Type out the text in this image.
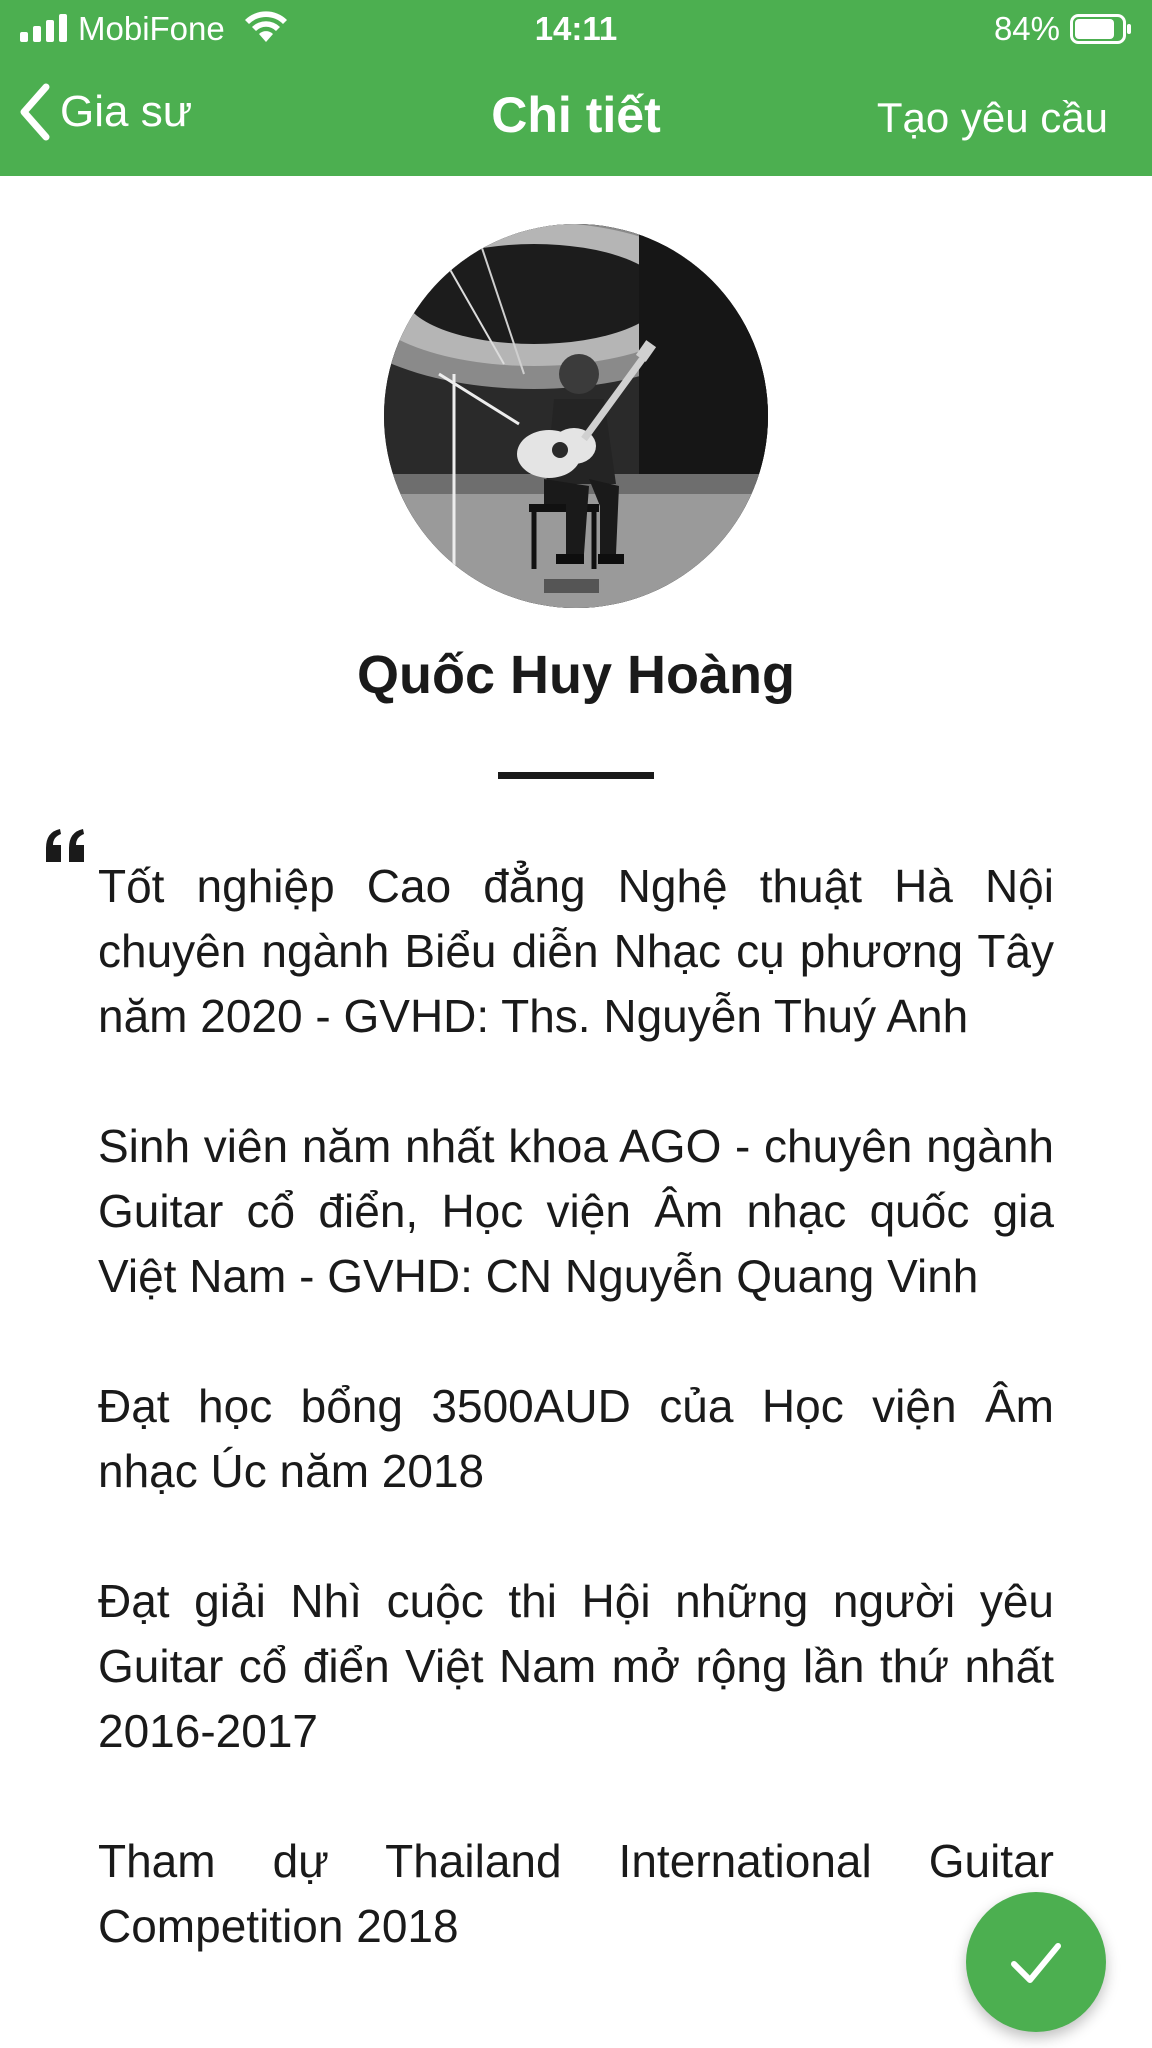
MobiFone	14:11	84%
Gia sư	Chi tiết	Tạo yêu cầu
Quốc Huy Hoàng

Tốt nghiệp Cao đẳng Nghệ thuật Hà Nội chuyên ngành Biểu diễn Nhạc cụ phương Tây năm 2020 - GVHD: Ths. Nguyễn Thuý Anh

Sinh viên năm nhất khoa AGO - chuyên ngành Guitar cổ điển, Học viện Âm nhạc quốc gia Việt Nam - GVHD: CN Nguyễn Quang Vinh

Đạt học bổng 3500AUD của Học viện Âm nhạc Úc năm 2018

Đạt giải Nhì cuộc thi Hội những người yêu Guitar cổ điển Việt Nam mở rộng lần thứ nhất 2016-2017

Tham dự Thailand International Guitar Competition 2018
